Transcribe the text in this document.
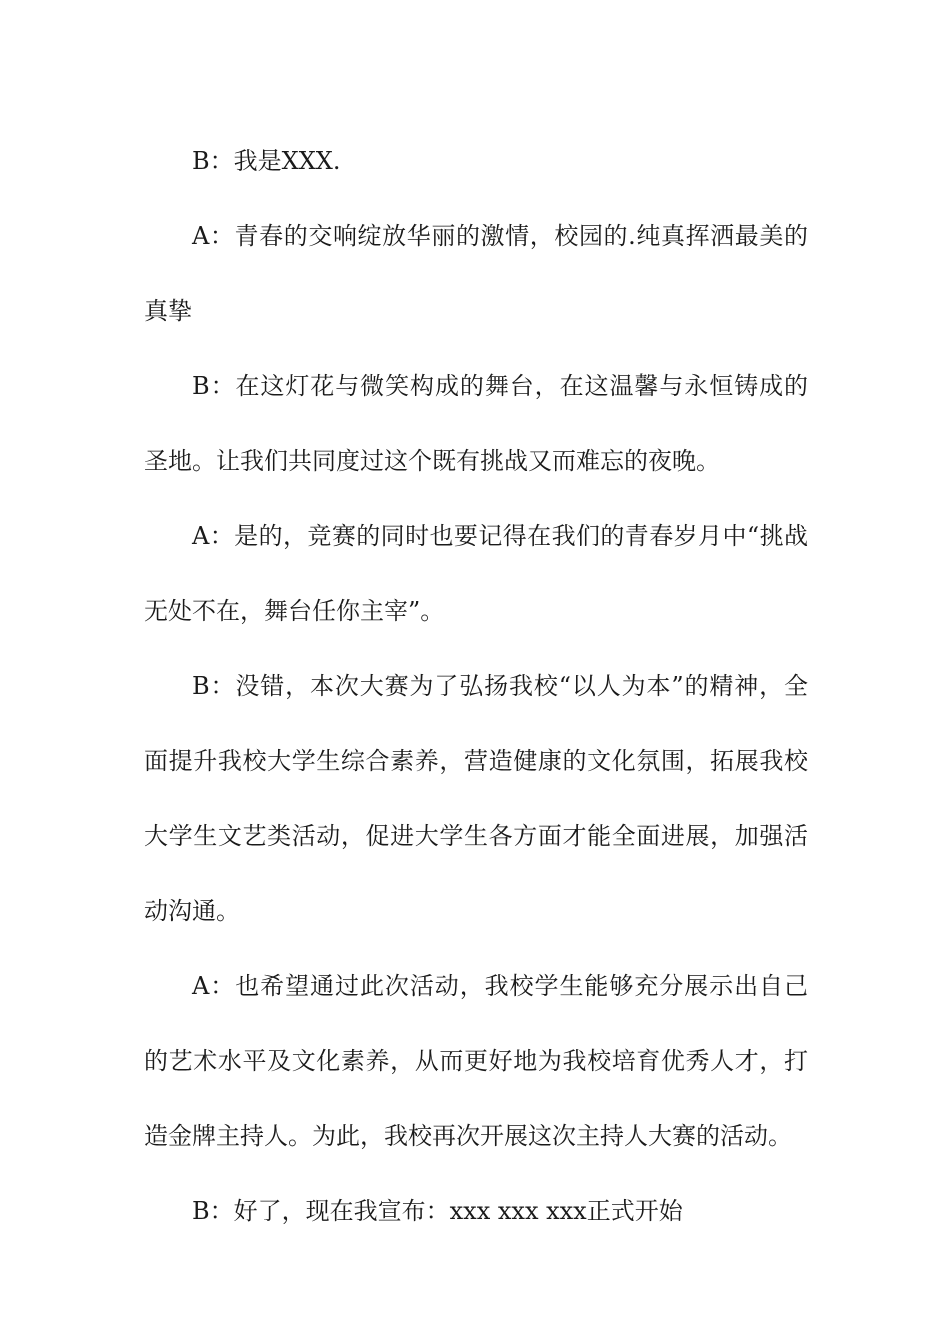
B：我是XXX.

A：青春的交响绽放华丽的激情，校园的.纯真挥洒最美的真挚

B：在这灯花与微笑构成的舞台，在这温馨与永恒铸成的圣地。让我们共同度过这个既有挑战又而难忘的夜晚。

A：是的，竞赛的同时也要记得在我们的青春岁月中“挑战无处不在，舞台任你主宰”。

B：没错，本次大赛为了弘扬我校“以人为本”的精神，全面提升我校大学生综合素养，营造健康的文化氛围，拓展我校大学生文艺类活动，促进大学生各方面才能全面进展，加强活动沟通。

A：也希望通过此次活动，我校学生能够充分展示出自己的艺术水平及文化素养，从而更好地为我校培育优秀人才，打造金牌主持人。为此，我校再次开展这次主持人大赛的活动。

B：好了，现在我宣布：xxx xxx xxx正式开始
